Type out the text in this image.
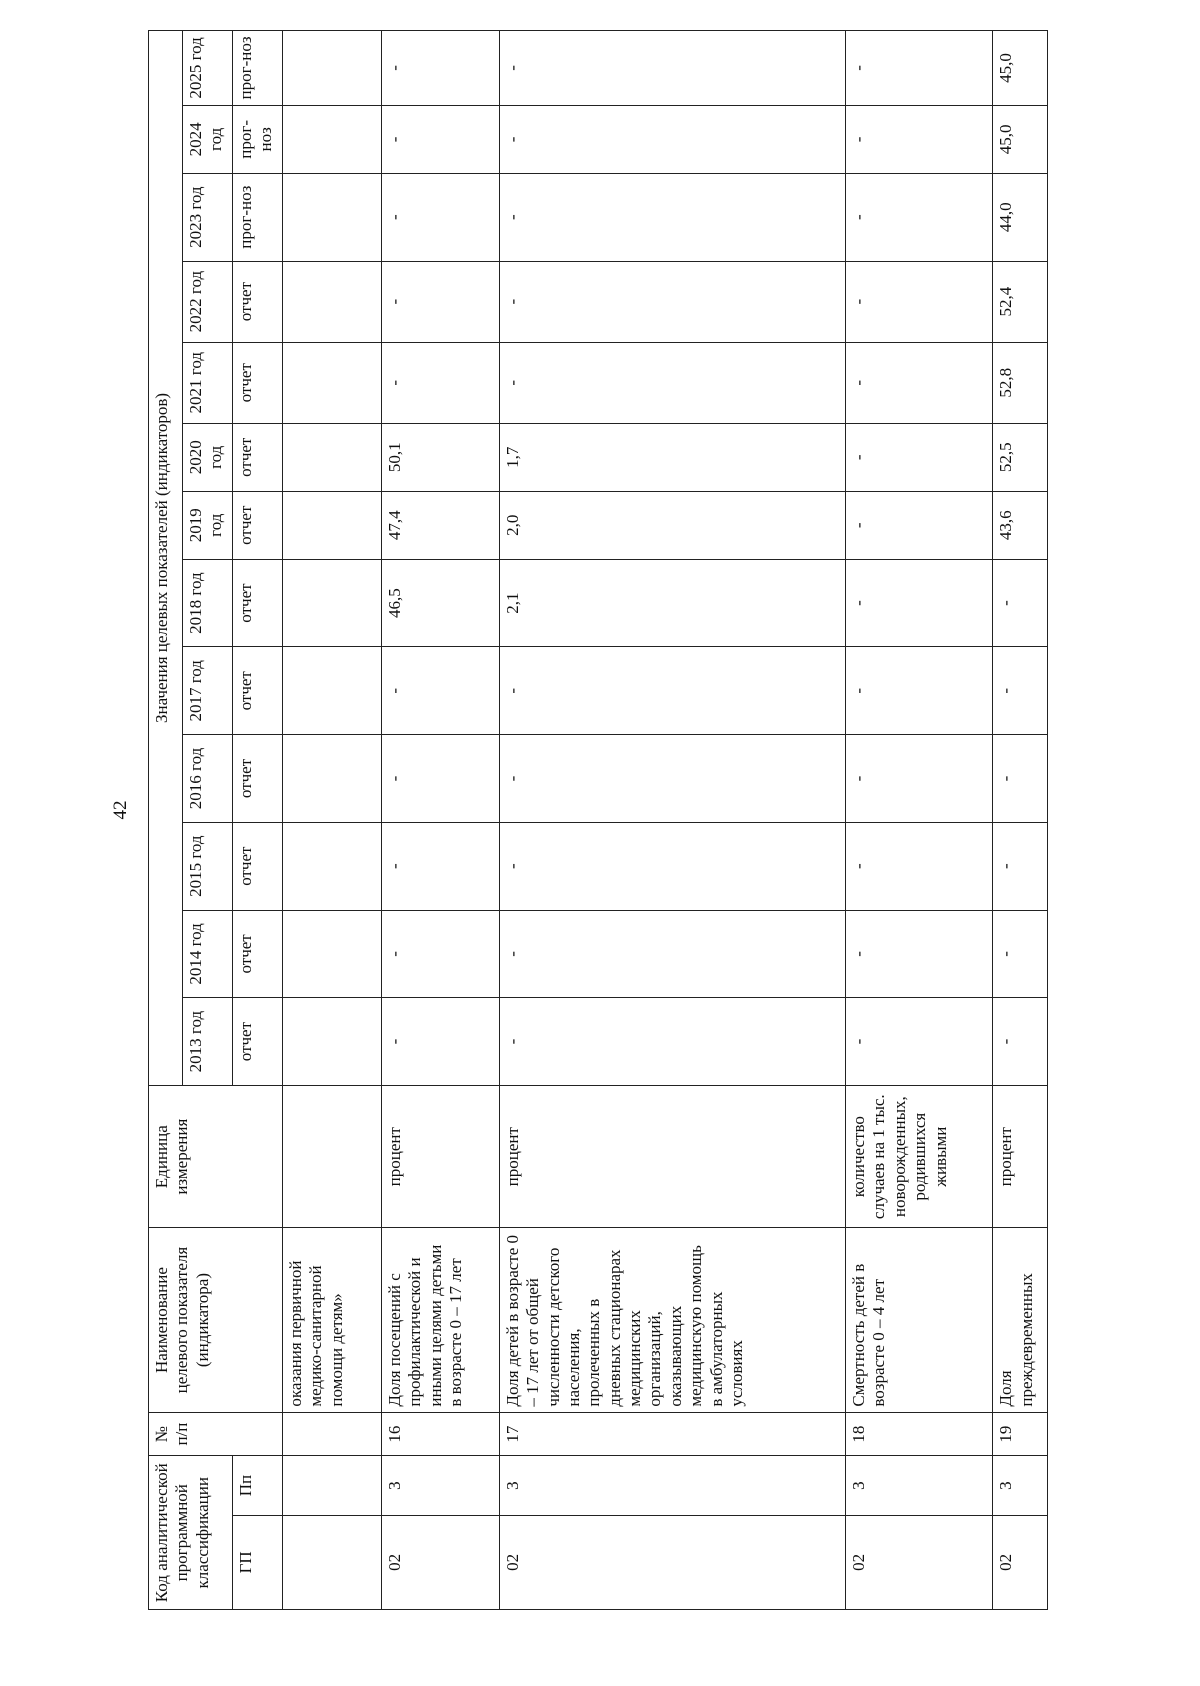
42
Код аналитической программной классификации		№ п/п	Наименование целевого показателя (индикатора)	Единица измерения	Значения целевых показателей (индикаторов)												
					2013 год	2014 год	2015 год	2016 год	2017 год	2018 год	2019 год	2020 год	2021 год	2022 год	2023 год	2024 год	2025 год
ГП	Пп				отчет	отчет	отчет	отчет	отчет	отчет	отчет	отчет	отчет	отчет	прог-ноз	прог-ноз	прог-ноз
			оказания первичной медико-санитарной помощи детям»														
02	3	16	Доля посещений с профилактической и иными целями детьми в возрасте 0 – 17 лет	процент	-	-	-	-	-	46,5	47,4	50,1	-	-	-	-	-
02	3	17	Доля детей в возрасте 0 – 17 лет от общей численности детского населения, пролеченных в дневных стационарах медицинских организаций, оказывающих медицинскую помощь в амбулаторных условиях	процент	-	-	-	-	-	2,1	2,0	1,7	-	-	-	-	-
02	3	18	Смертность детей в возрасте 0 – 4 лет	количество случаев на 1 тыс. новорожденных, родившихся живыми	-	-	-	-	-	-	-	-	-	-	-	-	-
02	3	19	Доля преждевременных	процент	-	-	-	-	-	-	43,6	52,5	52,8	52,4	44,0	45,0	45,0
